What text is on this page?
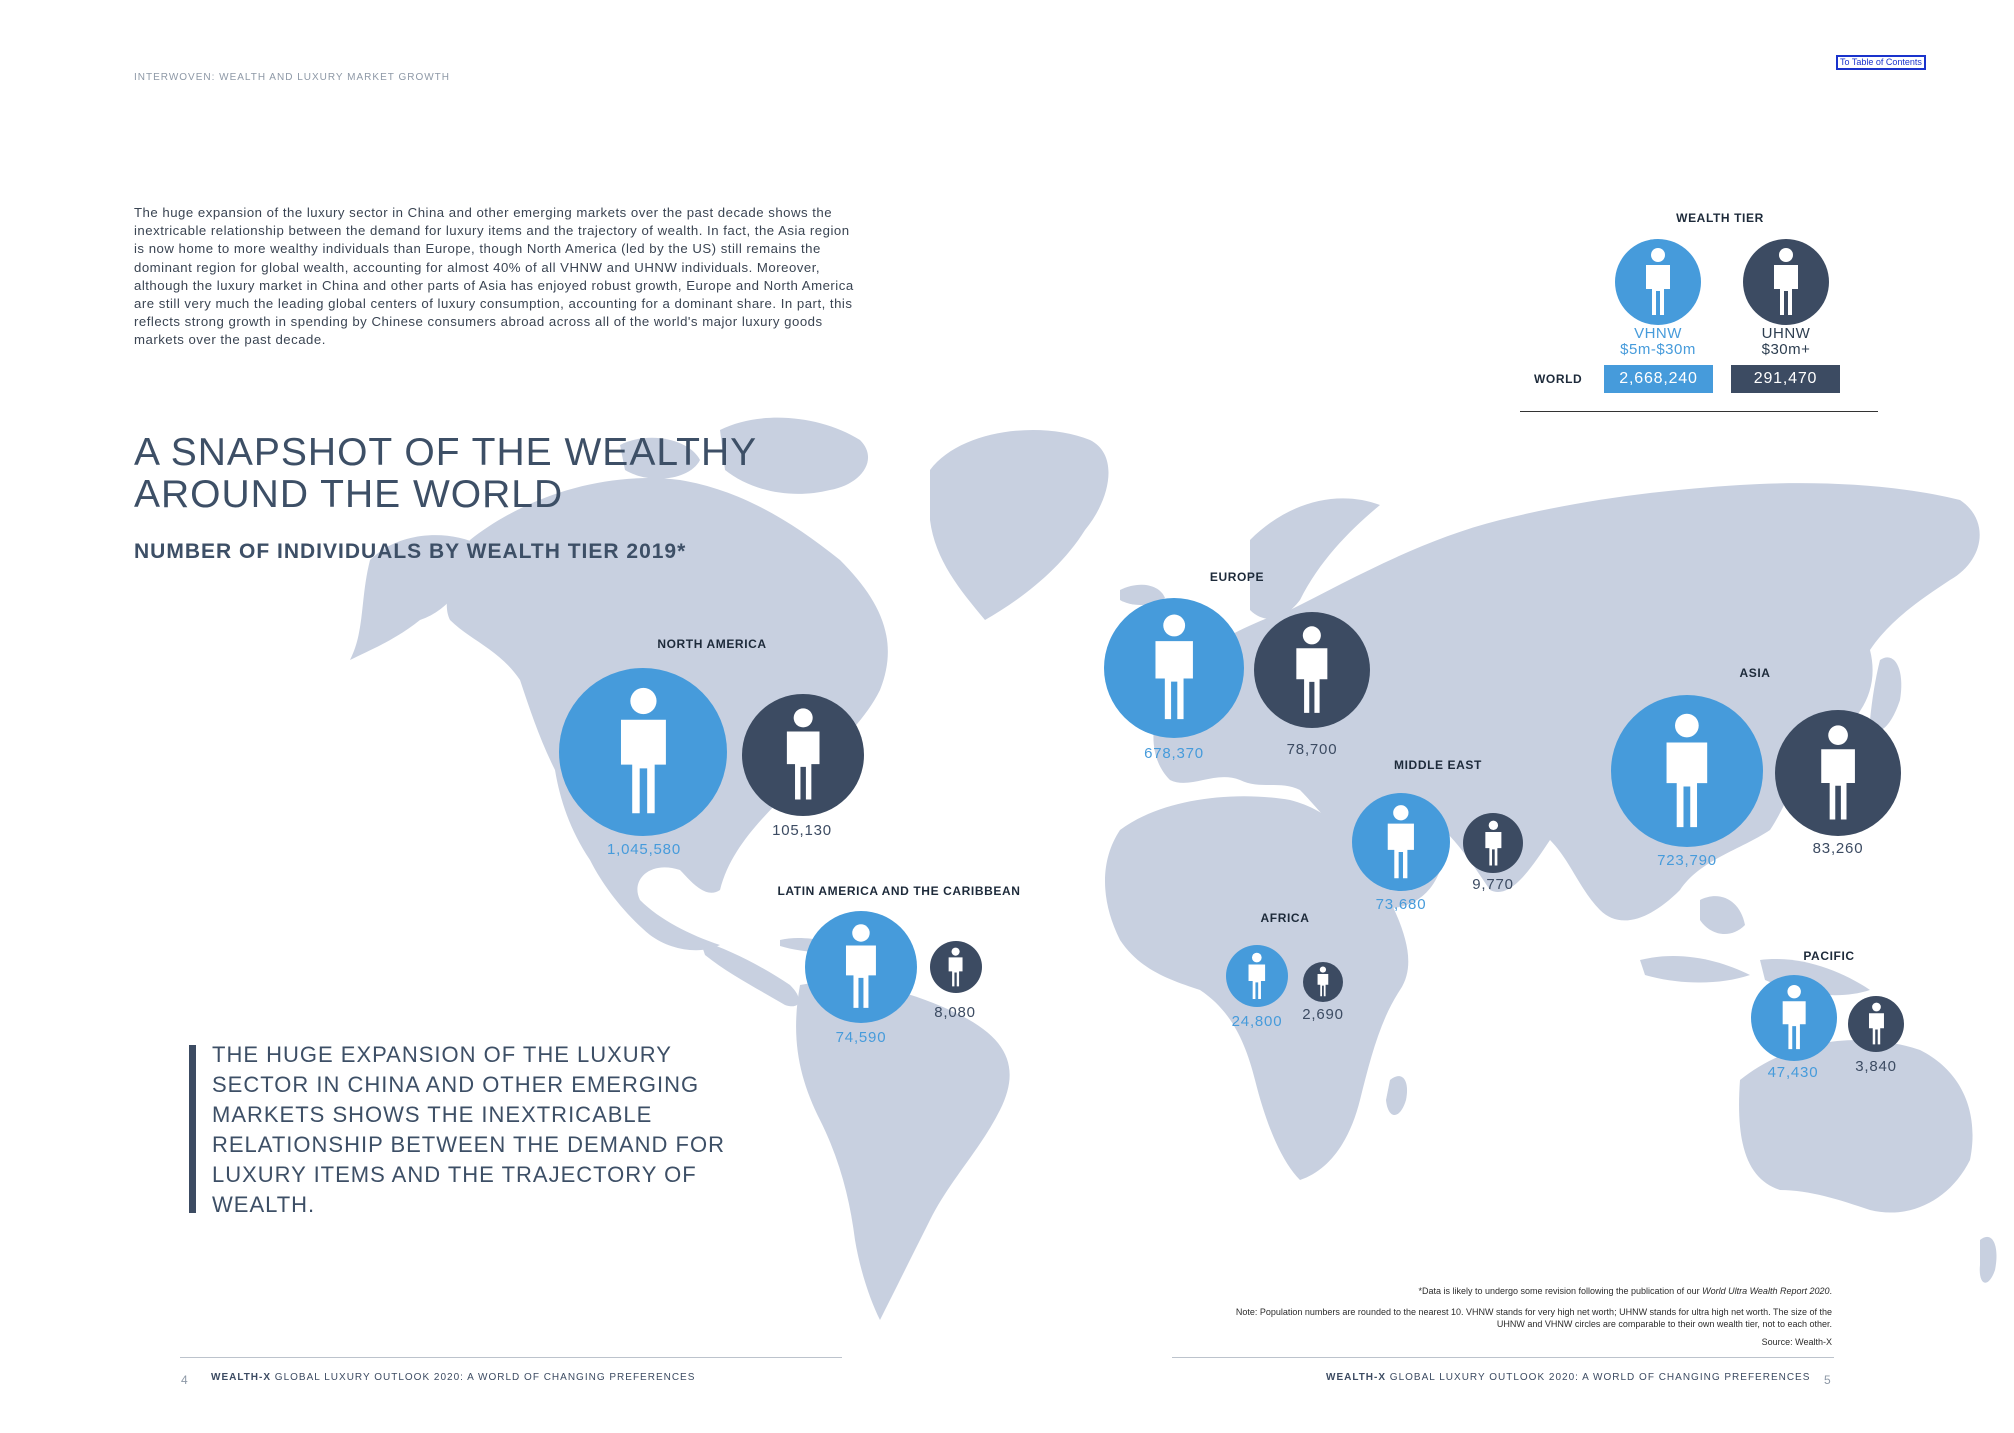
INTERWOVEN: WEALTH AND LUXURY MARKET GROWTH
To Table of Contents
The huge expansion of the luxury sector in China and other emerging markets over the past decade shows the inextricable relationship between the demand for luxury items and the trajectory of wealth. In fact, the Asia region is now home to more wealthy individuals than Europe, though North America (led by the US) still remains the dominant region for global wealth, accounting for almost 40% of all VHNW and UHNW individuals. Moreover, although the luxury market in China and other parts of Asia has enjoyed robust growth, Europe and North America are still very much the leading global centers of luxury consumption, accounting for a dominant share. In part, this reflects strong growth in spending by Chinese consumers abroad across all of the world's major luxury goods markets over the past decade.
A SNAPSHOT OF THE WEALTHY
AROUND THE WORLD
NUMBER OF INDIVIDUALS BY WEALTH TIER 2019*
WEALTH TIER
VHNW
$5m-$30m
UHNW
$30m+
WORLD	2,668,240	291,470
NORTH AMERICA
1,045,580
105,130
LATIN AMERICA AND THE CARIBBEAN
74,590
8,080
EUROPE
678,370	78,700
MIDDLE EAST
73,680
9,770
AFRICA
24,800 2,690
ASIA
723,790
83,260
PACIFIC
47,430 3,840
THE HUGE EXPANSION OF THE LUXURY SECTOR IN CHINA AND OTHER EMERGING MARKETS SHOWS THE INEXTRICABLE RELATIONSHIP BETWEEN THE DEMAND FOR LUXURY ITEMS AND THE TRAJECTORY OF WEALTH.
*Data is likely to undergo some revision following the publication of our World Ultra Wealth Report 2020.
Note: Population numbers are rounded to the nearest 10. VHNW stands for very high net worth; UHNW stands for ultra high net worth. The size of the UHNW and VHNW circles are comparable to their own wealth tier, not to each other.
Source: Wealth-X
4 WEALTH-X GLOBAL LUXURY OUTLOOK 2020: A WORLD OF CHANGING PREFERENCES	WEALTH-X GLOBAL LUXURY OUTLOOK 2020: A WORLD OF CHANGING PREFERENCES 5
